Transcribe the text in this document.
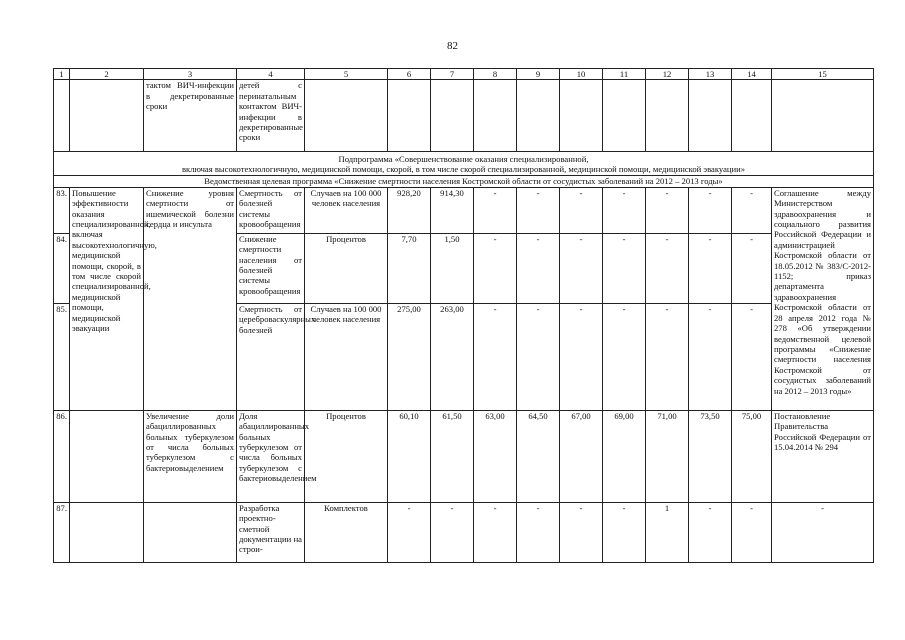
82
1	2	3	4	5	6	7	8	9	10	11	12	13	14	15
		тактом ВИЧ-инфекции в декретированные сроки	детей с перинатальным контактом ВИЧ-инфекции в декретированные сроки											

Подпрограмма «Совершенствование оказания специализированной,
включая высокотехнологичную, медицинской помощи, скорой, в том числе скорой специализированной, медицинской помощи, медицинской эвакуации»														

Ведомственная целевая программа «Снижение смертности населения Костромской области от сосудистых заболеваний на 2012 – 2013 годы»														
83.	Повышение эффективности оказания специализированной, включая высокотехнологичную, медицинской помощи, скорой, в том числе скорой специализированной, медицинской помощи, медицинской эвакуации	Снижение уровня смертности от ишемической болезни сердца и инсульта	Смертность от болезней системы кровообращения	Случаев на 100 000 человек населения	928,20	914,30	-	-	-	-	-	-	-	Соглашение между Министерством здравоохранения и социального развития Российской Федерации и администрацией Костромской области от 18.05.2012 № 383/С-2012-1152; приказ департамента здравоохранения Костромской области от 28 апреля 2012 года № 278 «Об утверждении ведомственной целевой программы «Снижение смертности населения Костромской от сосудистых заболеваний на 2012 – 2013 годы»
84.			Снижение смертности населения от болезней системы кровообращения	Процентов	7,70	1,50	-	-	-	-	-	-	-	
85.			Смертность от цереброваскулярных болезней	Случаев на 100 000 человек населения	275,00	263,00	-	-	-	-	-	-	-	
86.		Увеличение доли абациллированных больных туберкулезом от числа больных туберкулезом с бактериовыделением	Доля абациллированных больных туберкулезом от числа больных туберкулезом с бактериовыделением	Процентов	60,10	61,50	63,00	64,50	67,00	69,00	71,00	73,50	75,00	Постановление Правительства Российской Федерации от 15.04.2014 № 294
87.			Разработка проектно-сметной документации на строи-	Комплектов	-	-	-	-	-	-	1	-	-	-
